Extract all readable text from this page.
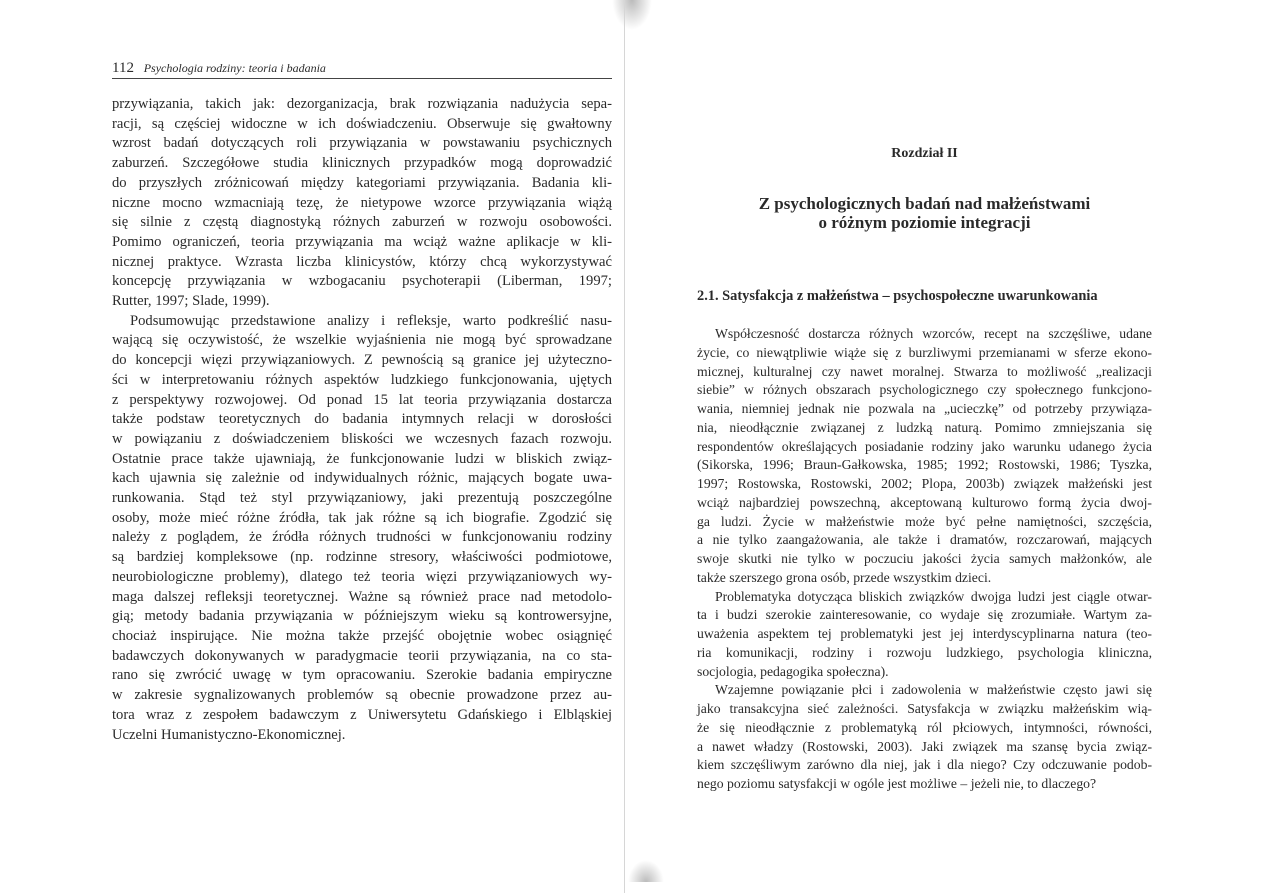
112 Psychologia rodziny: teoria i badania
przywiązania, takich jak: dezorganizacja, brak rozwiązania nadużycia sepa-
racji, są częściej widoczne w ich doświadczeniu. Obserwuje się gwałtowny
wzrost badań dotyczących roli przywiązania w powstawaniu psychicznych
zaburzeń. Szczegółowe studia klinicznych przypadków mogą doprowadzić
do przyszłych zróżnicowań między kategoriami przywiązania. Badania kli-
niczne mocno wzmacniają tezę, że nietypowe wzorce przywiązania wiążą
się silnie z częstą diagnostyką różnych zaburzeń w rozwoju osobowości.
Pomimo ograniczeń, teoria przywiązania ma wciąż ważne aplikacje w kli-
nicznej praktyce. Wzrasta liczba klinicystów, którzy chcą wykorzystywać
koncepcję przywiązania w wzbogacaniu psychoterapii (Liberman, 1997;
Rutter, 1997; Slade, 1999).
Podsumowując przedstawione analizy i refleksje, warto podkreślić nasu-
wającą się oczywistość, że wszelkie wyjaśnienia nie mogą być sprowadzane
do koncepcji więzi przywiązaniowych. Z pewnością są granice jej użyteczno-
ści w interpretowaniu różnych aspektów ludzkiego funkcjonowania, ujętych
z perspektywy rozwojowej. Od ponad 15 lat teoria przywiązania dostarcza
także podstaw teoretycznych do badania intymnych relacji w dorosłości
w powiązaniu z doświadczeniem bliskości we wczesnych fazach rozwoju.
Ostatnie prace także ujawniają, że funkcjonowanie ludzi w bliskich związ-
kach ujawnia się zależnie od indywidualnych różnic, mających bogate uwa-
runkowania. Stąd też styl przywiązaniowy, jaki prezentują poszczególne
osoby, może mieć różne źródła, tak jak różne są ich biografie. Zgodzić się
należy z poglądem, że źródła różnych trudności w funkcjonowaniu rodziny
są bardziej kompleksowe (np. rodzinne stresory, właściwości podmiotowe,
neurobiologiczne problemy), dlatego też teoria więzi przywiązaniowych wy-
maga dalszej refleksji teoretycznej. Ważne są również prace nad metodolo-
gią; metody badania przywiązania w późniejszym wieku są kontrowersyjne,
chociaż inspirujące. Nie można także przejść obojętnie wobec osiągnięć
badawczych dokonywanych w paradygmacie teorii przywiązania, na co sta-
rano się zwrócić uwagę w tym opracowaniu. Szerokie badania empiryczne
w zakresie sygnalizowanych problemów są obecnie prowadzone przez au-
tora wraz z zespołem badawczym z Uniwersytetu Gdańskiego i Elbląskiej
Uczelni Humanistyczno-Ekonomicznej.
Rozdział II
Z psychologicznych badań nad małżeństwami
o różnym poziomie integracji
2.1. Satysfakcja z małżeństwa – psychospołeczne uwarunkowania
Współczesność dostarcza różnych wzorców, recept na szczęśliwe, udane
życie, co niewątpliwie wiąże się z burzliwymi przemianami w sferze ekono-
micznej, kulturalnej czy nawet moralnej. Stwarza to możliwość „realizacji
siebie” w różnych obszarach psychologicznego czy społecznego funkcjono-
wania, niemniej jednak nie pozwala na „ucieczkę” od potrzeby przywiąza-
nia, nieodłącznie związanej z ludzką naturą. Pomimo zmniejszania się
respondentów określających posiadanie rodziny jako warunku udanego życia
(Sikorska, 1996; Braun-Gałkowska, 1985; 1992; Rostowski, 1986; Tyszka,
1997; Rostowska, Rostowski, 2002; Plopa, 2003b) związek małżeński jest
wciąż najbardziej powszechną, akceptowaną kulturowo formą życia dwoj-
ga ludzi. Życie w małżeństwie może być pełne namiętności, szczęścia,
a nie tylko zaangażowania, ale także i dramatów, rozczarowań, mających
swoje skutki nie tylko w poczuciu jakości życia samych małżonków, ale
także szerszego grona osób, przede wszystkim dzieci.
Problematyka dotycząca bliskich związków dwojga ludzi jest ciągle otwar-
ta i budzi szerokie zainteresowanie, co wydaje się zrozumiałe. Wartym za-
uważenia aspektem tej problematyki jest jej interdyscyplinarna natura (teo-
ria komunikacji, rodziny i rozwoju ludzkiego, psychologia kliniczna,
socjologia, pedagogika społeczna).
Wzajemne powiązanie płci i zadowolenia w małżeństwie często jawi się
jako transakcyjna sieć zależności. Satysfakcja w związku małżeńskim wią-
że się nieodłącznie z problematyką ról płciowych, intymności, równości,
a nawet władzy (Rostowski, 2003). Jaki związek ma szansę bycia związ-
kiem szczęśliwym zarówno dla niej, jak i dla niego? Czy odczuwanie podob-
nego poziomu satysfakcji w ogóle jest możliwe – jeżeli nie, to dlaczego?
